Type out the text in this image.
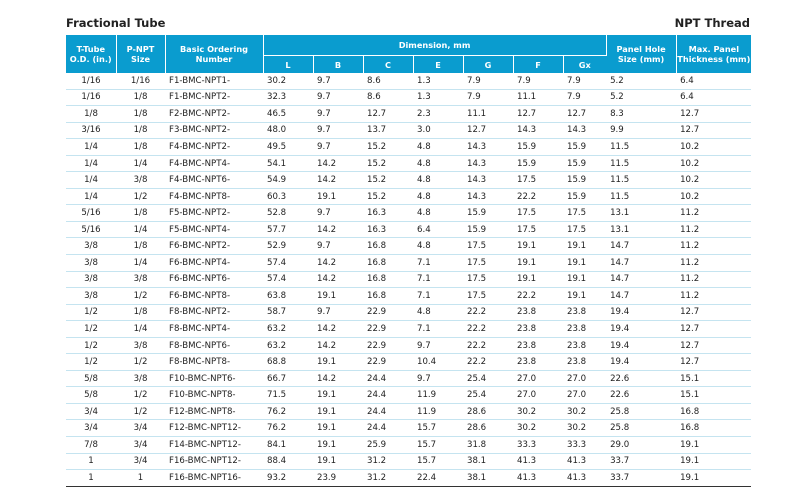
Fractional Tube	NPT Thread
T-Tube O.D. (in.)	P-NPT Size	Basic Ordering Number	Dimension, mm							Panel Hole Size (mm)	Max. Panel Thickness (mm)
			L	B	C	E	G	F	Gx		
1/16	1/16	F1-BMC-NPT1-	30.2	9.7	8.6	1.3	7.9	7.9	7.9	5.2	6.4
1/16	1/8	F1-BMC-NPT2-	32.3	9.7	8.6	1.3	7.9	11.1	7.9	5.2	6.4
1/8	1/8	F2-BMC-NPT2-	46.5	9.7	12.7	2.3	11.1	12.7	12.7	8.3	12.7
3/16	1/8	F3-BMC-NPT2-	48.0	9.7	13.7	3.0	12.7	14.3	14.3	9.9	12.7
1/4	1/8	F4-BMC-NPT2-	49.5	9.7	15.2	4.8	14.3	15.9	15.9	11.5	10.2
1/4	1/4	F4-BMC-NPT4-	54.1	14.2	15.2	4.8	14.3	15.9	15.9	11.5	10.2
1/4	3/8	F4-BMC-NPT6-	54.9	14.2	15.2	4.8	14.3	17.5	15.9	11.5	10.2
1/4	1/2	F4-BMC-NPT8-	60.3	19.1	15.2	4.8	14.3	22.2	15.9	11.5	10.2
5/16	1/8	F5-BMC-NPT2-	52.8	9.7	16.3	4.8	15.9	17.5	17.5	13.1	11.2
5/16	1/4	F5-BMC-NPT4-	57.7	14.2	16.3	6.4	15.9	17.5	17.5	13.1	11.2
3/8	1/8	F6-BMC-NPT2-	52.9	9.7	16.8	4.8	17.5	19.1	19.1	14.7	11.2
3/8	1/4	F6-BMC-NPT4-	57.4	14.2	16.8	7.1	17.5	19.1	19.1	14.7	11.2
3/8	3/8	F6-BMC-NPT6-	57.4	14.2	16.8	7.1	17.5	19.1	19.1	14.7	11.2
3/8	1/2	F6-BMC-NPT8-	63.8	19.1	16.8	7.1	17.5	22.2	19.1	14.7	11.2
1/2	1/8	F8-BMC-NPT2-	58.7	9.7	22.9	4.8	22.2	23.8	23.8	19.4	12.7
1/2	1/4	F8-BMC-NPT4-	63.2	14.2	22.9	7.1	22.2	23.8	23.8	19.4	12.7
1/2	3/8	F8-BMC-NPT6-	63.2	14.2	22.9	9.7	22.2	23.8	23.8	19.4	12.7
1/2	1/2	F8-BMC-NPT8-	68.8	19.1	22.9	10.4	22.2	23.8	23.8	19.4	12.7
5/8	3/8	F10-BMC-NPT6-	66.7	14.2	24.4	9.7	25.4	27.0	27.0	22.6	15.1
5/8	1/2	F10-BMC-NPT8-	71.5	19.1	24.4	11.9	25.4	27.0	27.0	22.6	15.1
3/4	1/2	F12-BMC-NPT8-	76.2	19.1	24.4	11.9	28.6	30.2	30.2	25.8	16.8
3/4	3/4	F12-BMC-NPT12-	76.2	19.1	24.4	15.7	28.6	30.2	30.2	25.8	16.8
7/8	3/4	F14-BMC-NPT12-	84.1	19.1	25.9	15.7	31.8	33.3	33.3	29.0	19.1
1	3/4	F16-BMC-NPT12-	88.4	19.1	31.2	15.7	38.1	41.3	41.3	33.7	19.1
1	1	F16-BMC-NPT16-	93.2	23.9	31.2	22.4	38.1	41.3	41.3	33.7	19.1
